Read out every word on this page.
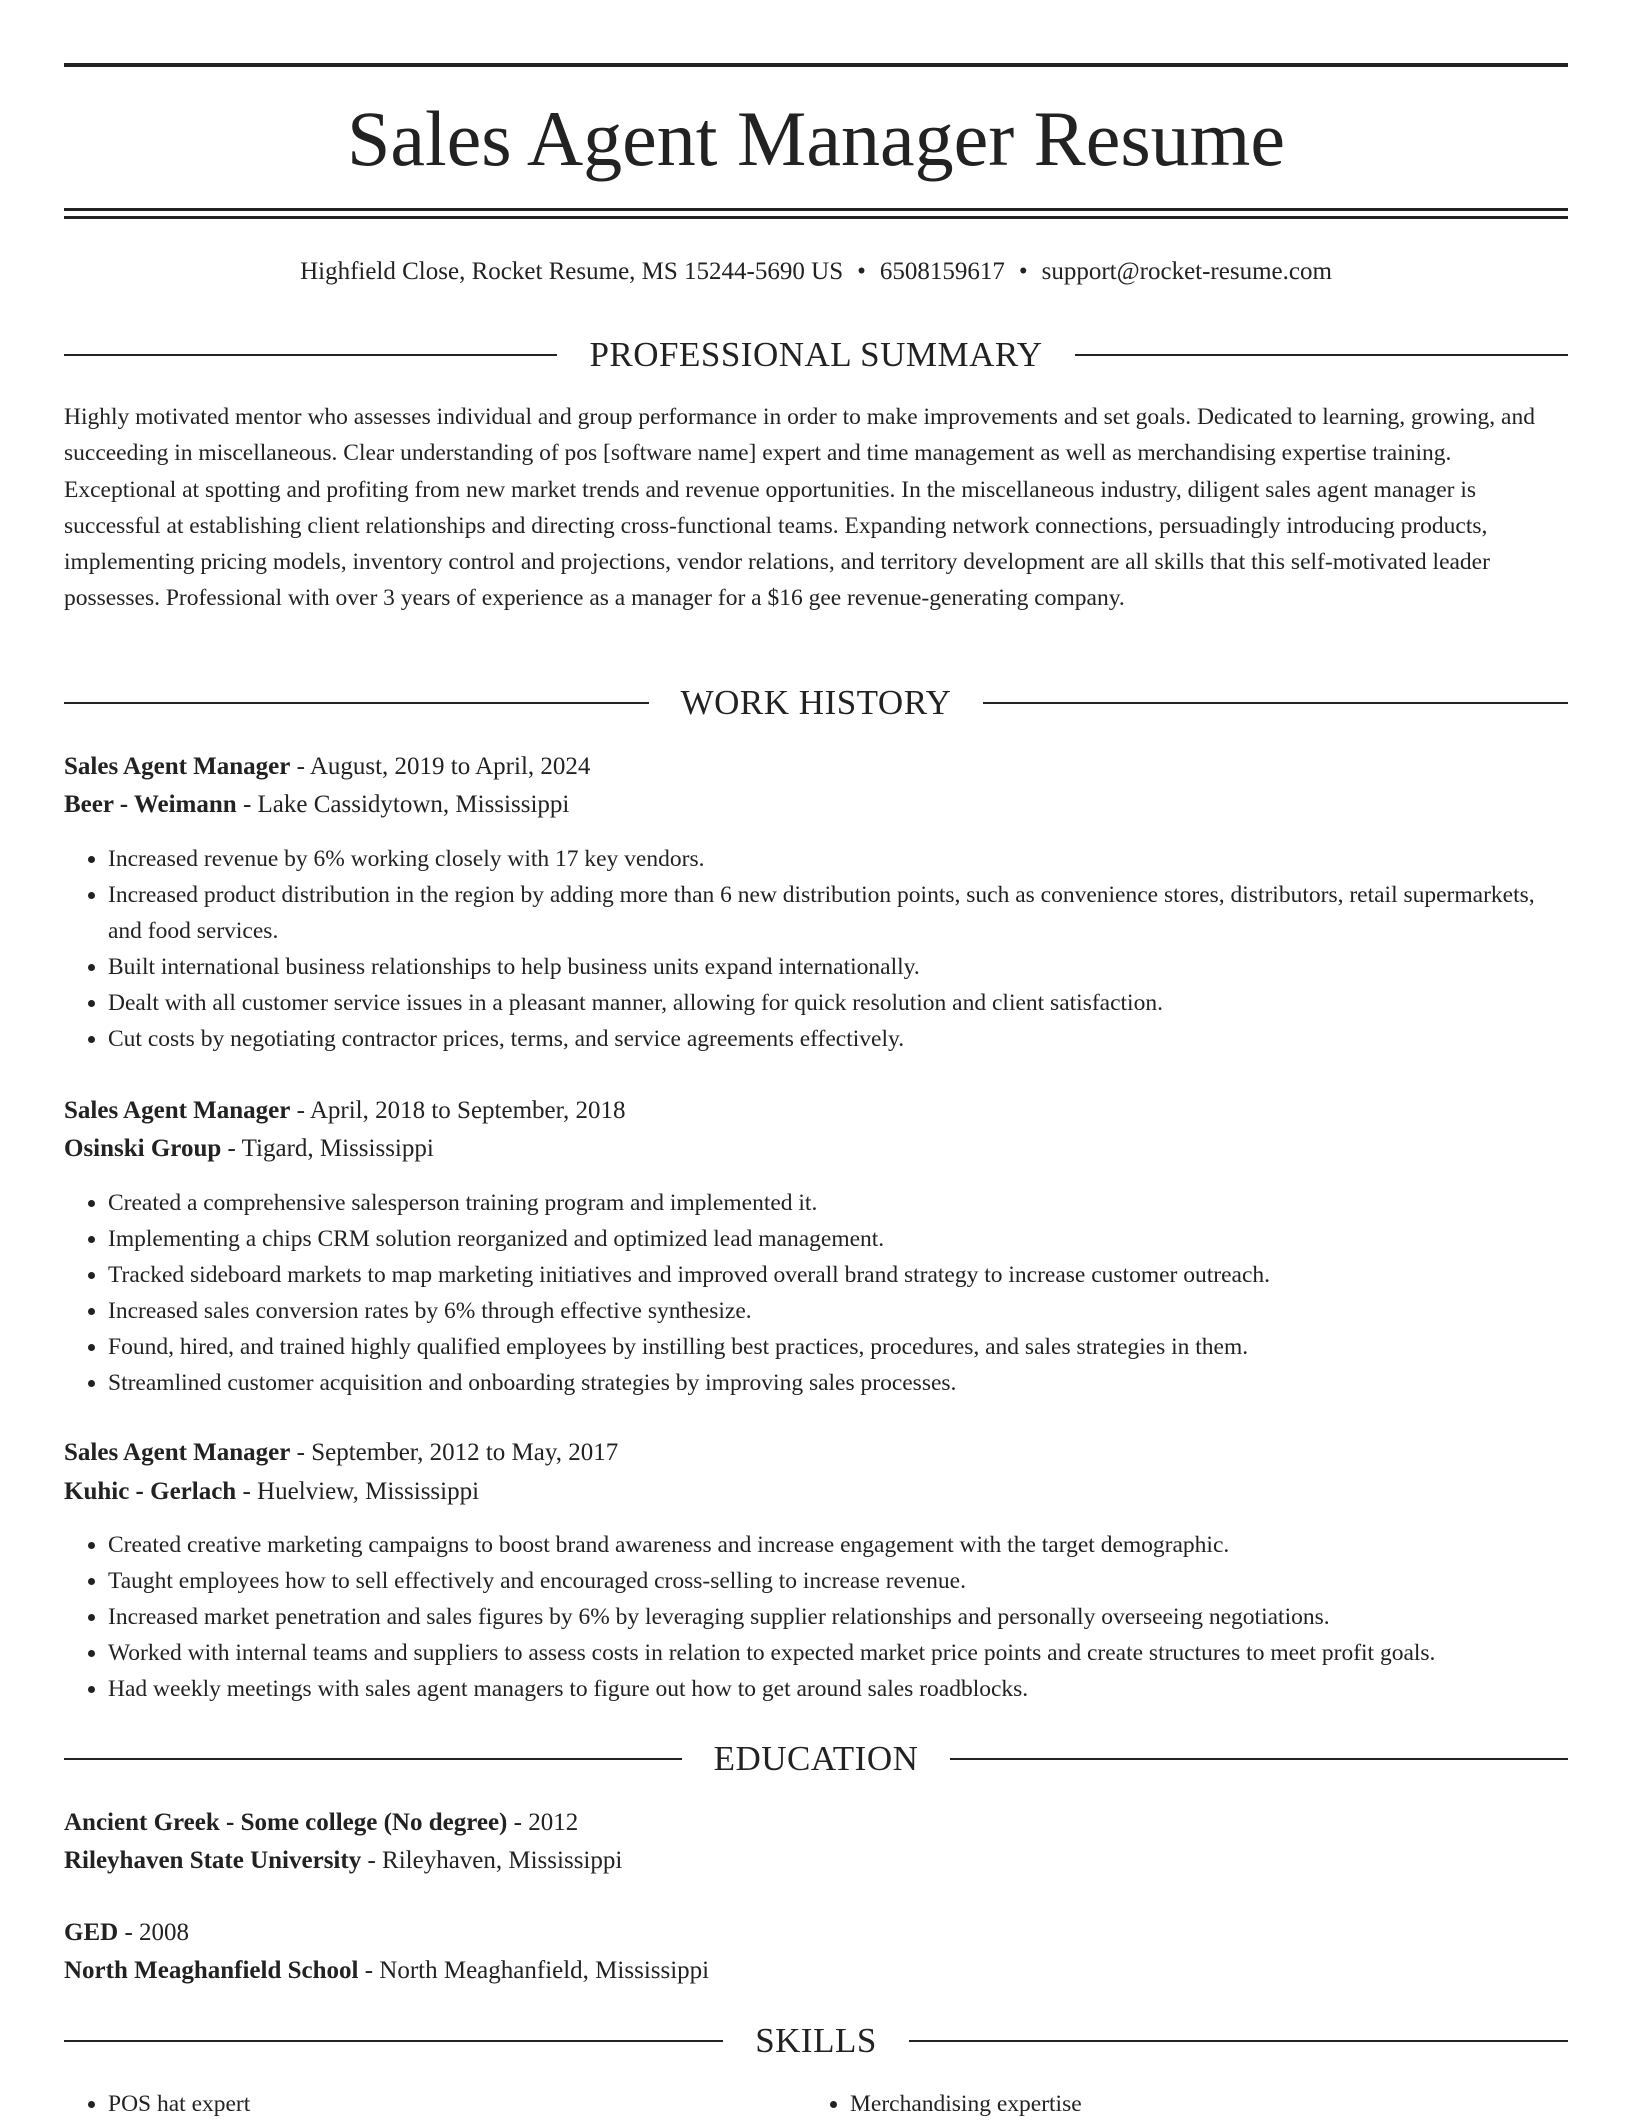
Sales Agent Manager Resume
Highfield Close, Rocket Resume, MS 15244-5690 US • 6508159617 • support@rocket-resume.com
PROFESSIONAL SUMMARY

Highly motivated mentor who assesses individual and group performance in order to make improvements and set goals. Dedicated to learning, growing, and succeeding in miscellaneous. Clear understanding of pos [software name] expert and time management as well as merchandising expertise training. Exceptional at spotting and profiting from new market trends and revenue opportunities. In the miscellaneous industry, diligent sales agent manager is successful at establishing client relationships and directing cross-functional teams. Expanding network connections, persuadingly introducing products, implementing pricing models, inventory control and projections, vendor relations, and territory development are all skills that this self-motivated leader possesses. Professional with over 3 years of experience as a manager for a $16 gee revenue-generating company.

WORK HISTORY
Sales Agent Manager - August, 2019 to April, 2024
Beer - Weimann - Lake Cassidytown, Mississippi
• Increased revenue by 6% working closely with 17 key vendors.
• Increased product distribution in the region by adding more than 6 new distribution points, such as convenience stores, distributors, retail supermarkets, and food services.
• Built international business relationships to help business units expand internationally.
• Dealt with all customer service issues in a pleasant manner, allowing for quick resolution and client satisfaction.
• Cut costs by negotiating contractor prices, terms, and service agreements effectively.
Sales Agent Manager - April, 2018 to September, 2018
Osinski Group - Tigard, Mississippi
• Created a comprehensive salesperson training program and implemented it.
• Implementing a chips CRM solution reorganized and optimized lead management.
• Tracked sideboard markets to map marketing initiatives and improved overall brand strategy to increase customer outreach.
• Increased sales conversion rates by 6% through effective synthesize.
• Found, hired, and trained highly qualified employees by instilling best practices, procedures, and sales strategies in them.
• Streamlined customer acquisition and onboarding strategies by improving sales processes.
Sales Agent Manager - September, 2012 to May, 2017
Kuhic - Gerlach - Huelview, Mississippi
• Created creative marketing campaigns to boost brand awareness and increase engagement with the target demographic.
• Taught employees how to sell effectively and encouraged cross-selling to increase revenue.
• Increased market penetration and sales figures by 6% by leveraging supplier relationships and personally overseeing negotiations.
• Worked with internal teams and suppliers to assess costs in relation to expected market price points and create structures to meet profit goals.
• Had weekly meetings with sales agent managers to figure out how to get around sales roadblocks.
EDUCATION
Ancient Greek - Some college (No degree) - 2012
Rileyhaven State University - Rileyhaven, Mississippi
GED - 2008
North Meaghanfield School - North Meaghanfield, Mississippi
SKILLS
• POS hat expert
•	Merchandising expertise
